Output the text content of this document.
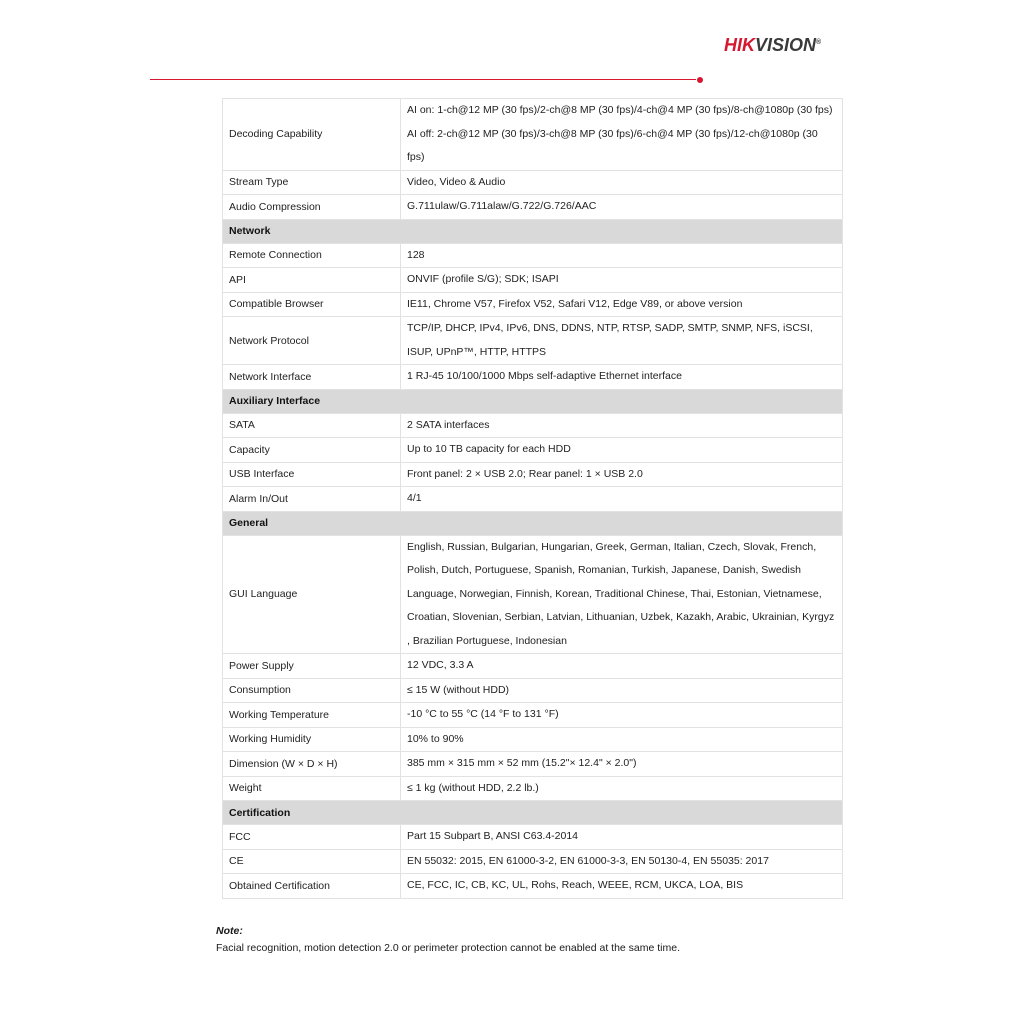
HIKVISION®
Decoding Capability	AI on: 1-ch@12 MP (30 fps)/2-ch@8 MP (30 fps)/4-ch@4 MP (30 fps)/8-ch@1080p (30 fps)
AI off: 2-ch@12 MP (30 fps)/3-ch@8 MP (30 fps)/6-ch@4 MP (30 fps)/12-ch@1080p (30 fps)

Stream Type	Video, Video & Audio

Audio Compression	G.711ulaw/G.711alaw/G.722/G.726/AAC

Network	
Remote Connection	128

API	ONVIF (profile S/G); SDK; ISAPI

Compatible Browser	IE11, Chrome V57, Firefox V52, Safari V12, Edge V89, or above version

Network Protocol	TCP/IP, DHCP, IPv4, IPv6, DNS, DDNS, NTP, RTSP, SADP, SMTP, SNMP, NFS, iSCSI, ISUP, UPnP™, HTTP, HTTPS

Network Interface	1 RJ-45 10/100/1000 Mbps self-adaptive Ethernet interface

Auxiliary Interface	
SATA	2 SATA interfaces

Capacity	Up to 10 TB capacity for each HDD

USB Interface	Front panel: 2 × USB 2.0; Rear panel: 1 × USB 2.0

Alarm In/Out	4/1

General	
GUI Language	English, Russian, Bulgarian, Hungarian, Greek, German, Italian, Czech, Slovak, French, Polish, Dutch, Portuguese, Spanish, Romanian, Turkish, Japanese, Danish, Swedish Language, Norwegian, Finnish, Korean, Traditional Chinese, Thai, Estonian, Vietnamese, Croatian, Slovenian, Serbian, Latvian, Lithuanian, Uzbek, Kazakh, Arabic, Ukrainian, Kyrgyz , Brazilian Portuguese, Indonesian

Power Supply	12 VDC, 3.3 A

Consumption	≤ 15 W (without HDD)

Working Temperature	-10 °C to 55 °C (14 °F to 131 °F)

Working Humidity	10% to 90%

Dimension (W × D × H)	385 mm × 315 mm × 52 mm (15.2"× 12.4" × 2.0")

Weight	≤ 1 kg (without HDD, 2.2 lb.)

Certification	
FCC	Part 15 Subpart B, ANSI C63.4-2014

CE	EN 55032: 2015, EN 61000-3-2, EN 61000-3-3, EN 50130-4, EN 55035: 2017

Obtained Certification	CE, FCC, IC, CB, KC, UL, Rohs, Reach, WEEE, RCM, UKCA, LOA, BIS
Note:
Facial recognition, motion detection 2.0 or perimeter protection cannot be enabled at the same time.
